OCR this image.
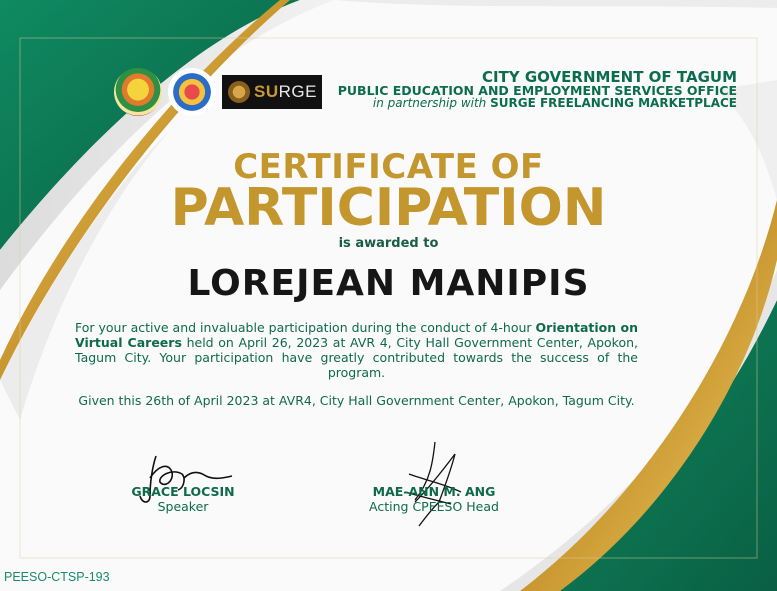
SURGE
CITY GOVERNMENT OF TAGUM
PUBLIC EDUCATION AND EMPLOYMENT SERVICES OFFICE
in partnership with SURGE FREELANCING MARKETPLACE
CERTIFICATE OF
PARTICIPATION
is awarded to
LOREJEAN MANIPIS
For your active and invaluable participation during the conduct of 4-hour Orientation on Virtual Careers held on April 26, 2023 at AVR 4, City Hall Government Center, Apokon, Tagum City. Your participation have greatly contributed towards the success of the program.
Given this 26th of April 2023 at AVR4, City Hall Government Center, Apokon, Tagum City.
GRACE LOCSIN
Speaker
MAE-ANN M. ANG
Acting CPEESO Head
PEESO-CTSP-193
